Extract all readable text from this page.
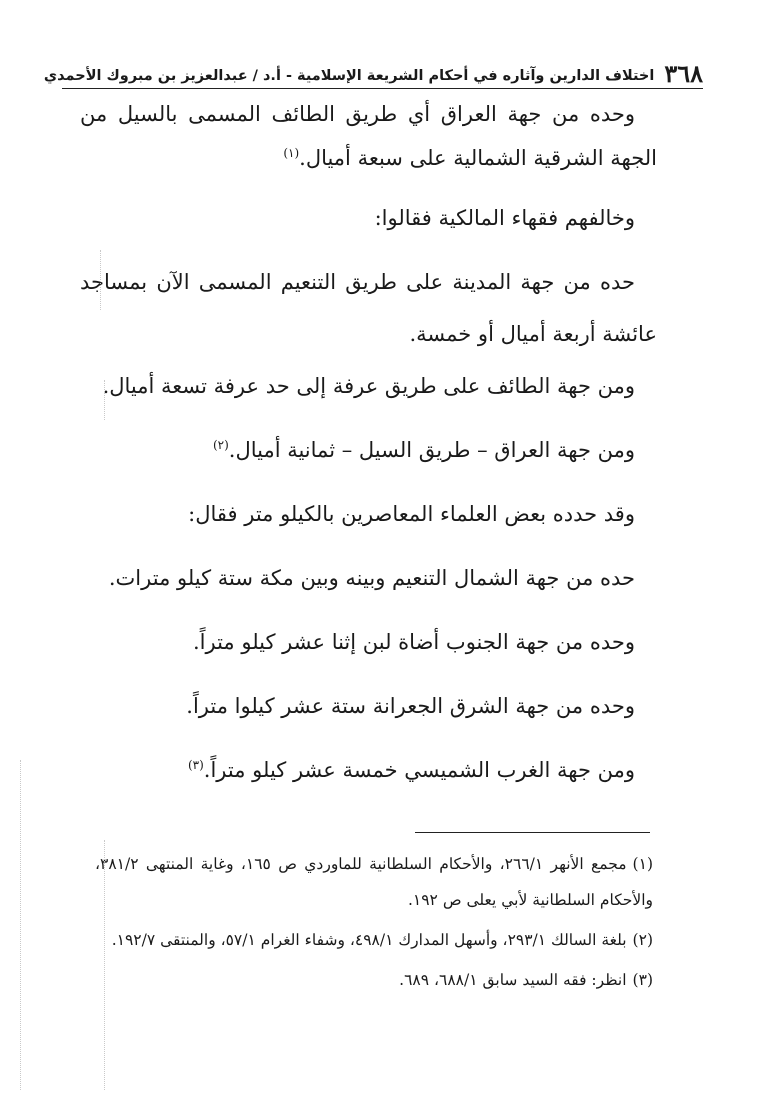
٣٦٨
اختلاف الدارين وآثاره في أحكام الشريعة الإسلامية - أ.د / عبدالعزيز بن مبروك الأحمدي

وحده من جهة العراق أي طريق الطائف المسمى بالسيل من الجهة الشرقية الشمالية على سبعة أميال.$^{(١)}$

وخالفهم فقهاء المالكية فقالوا:

حده من جهة المدينة على طريق التنعيم المسمى الآن بمساجد عائشة أربعة أميال أو خمسة.

ومن جهة الطائف على طريق عرفة إلى حد عرفة تسعة أميال.

ومن جهة العراق – طريق السيل – ثمانية أميال.$^{(٢)}$

وقد حدده بعض العلماء المعاصرين بالكيلو متر فقال:

حده من جهة الشمال التنعيم وبينه وبين مكة ستة كيلو مترات.

وحده من جهة الجنوب أضاة لبن إثنا عشر كيلو متراً.

وحده من جهة الشرق الجعرانة ستة عشر كيلوا متراً.

ومن جهة الغرب الشميسي خمسة عشر كيلو متراً.$^{(٣)}$

(١)مجمع الأنهر ٢٦٦/١، والأحكام السلطانية للماوردي ص ١٦٥، وغاية المنتهى ٣٨١/٢، والأحكام السلطانية لأبي يعلى ص ١٩٢.

(٢)بلغة السالك ٢٩٣/١، وأسهل المدارك ٤٩٨/١، وشفاء الغرام ٥٧/١، والمنتقى ١٩٢/٧.

(٣)انظر: فقه السيد سابق ٦٨٨/١، ٦٨٩.
